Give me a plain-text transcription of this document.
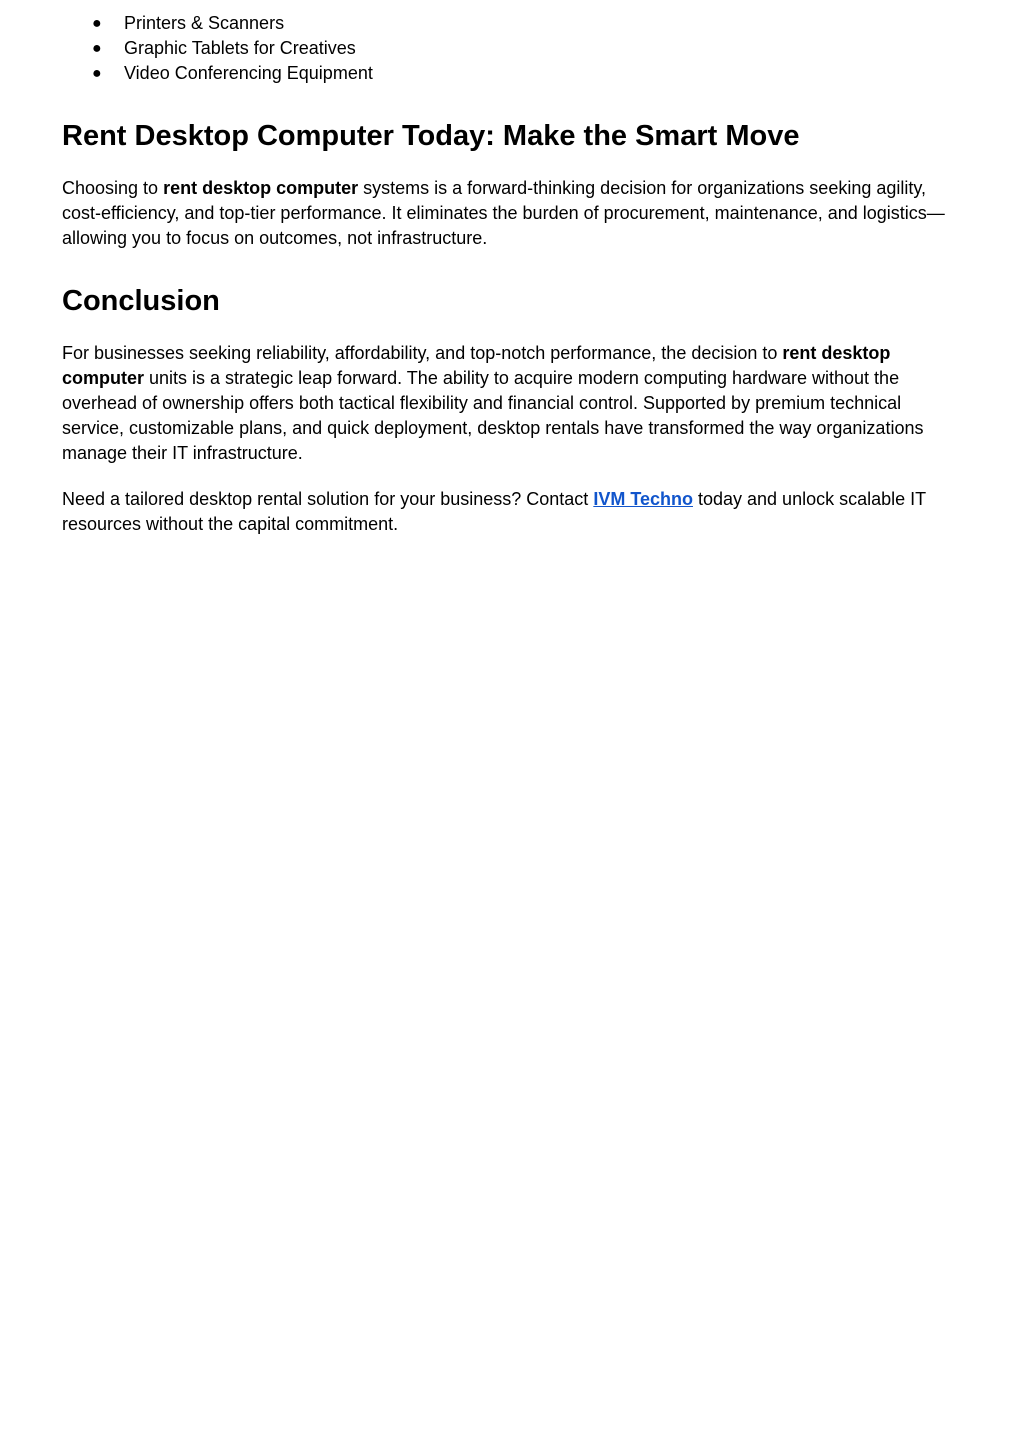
● Printers & Scanners
● Graphic Tablets for Creatives
● Video Conferencing Equipment
Rent Desktop Computer Today: Make the Smart Move

Choosing to rent desktop computer systems is a forward-thinking decision for organizations seeking agility, cost-efficiency, and top-tier performance. It eliminates the burden of procurement, maintenance, and logistics—allowing you to focus on outcomes, not infrastructure.

Conclusion

For businesses seeking reliability, affordability, and top-notch performance, the decision to rent desktop computer units is a strategic leap forward. The ability to acquire modern computing hardware without the overhead of ownership offers both tactical flexibility and financial control. Supported by premium technical service, customizable plans, and quick deployment, desktop rentals have transformed the way organizations manage their IT infrastructure.

Need a tailored desktop rental solution for your business? Contact IVM Techno today and unlock scalable IT resources without the capital commitment.
